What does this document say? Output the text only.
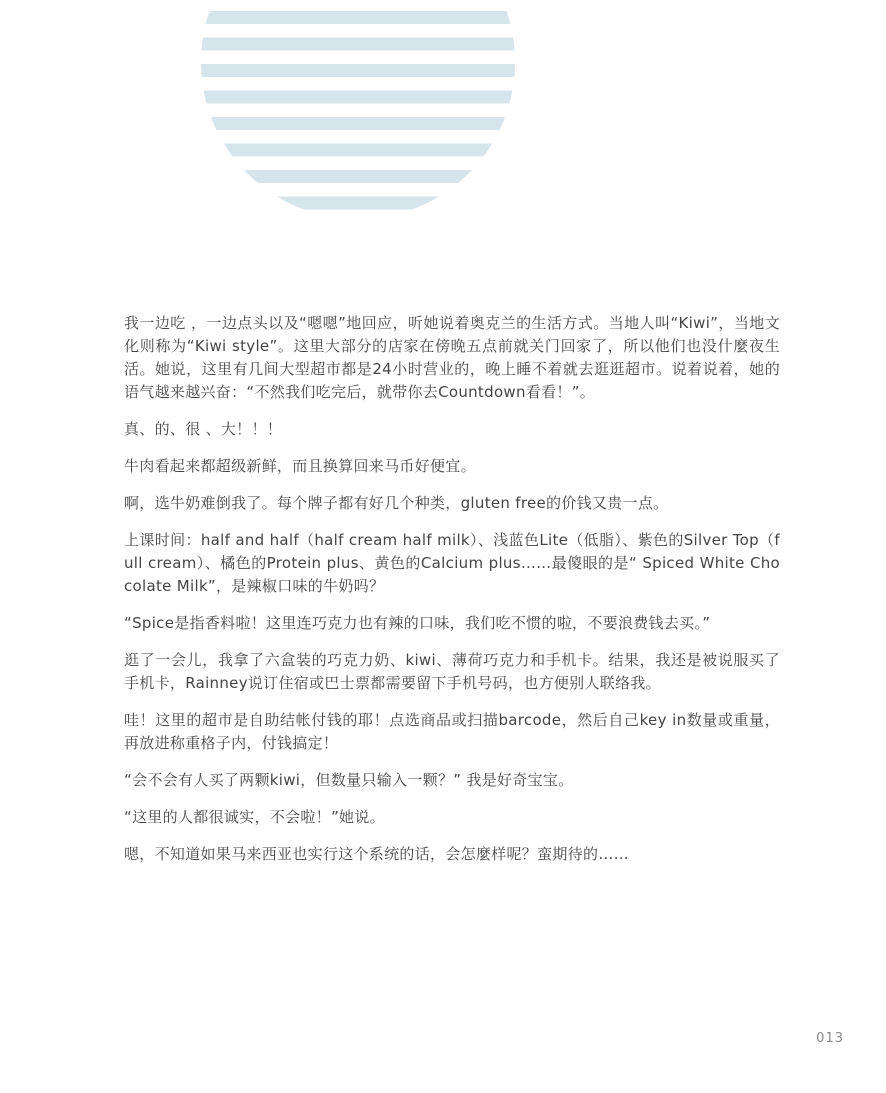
我一边吃 ，一边点头以及“嗯嗯”地回应，听她说着奥克兰的生活方式。当地人叫“Kiwi”，当地文化则称为“Kiwi style”。这里大部分的店家在傍晚五点前就关门回家了，所以他们也没什麼夜生活。她说，这里有几间大型超市都是24小时营业的，晚上睡不着就去逛逛超市。说着说着，她的语气越来越兴奋：“不然我们吃完后，就带你去Countdown看看！”。

真、的、很 、大！！！

牛肉看起来都超级新鲜，而且换算回来马币好便宜。

啊，选牛奶难倒我了。每个牌子都有好几个种类，gluten free的价钱又贵一点。

上课时间：half and half（half cream half milk）、浅蓝色Lite（低脂）、紫色的Silver Top（full cream）、橘色的Protein plus、黄色的Calcium plus……最傻眼的是“ Spiced White Chocolate Milk”，是辣椒口味的牛奶吗？

“Spice是指香料啦！这里连巧克力也有辣的口味，我们吃不惯的啦，不要浪费钱去买。”

逛了一会儿，我拿了六盒装的巧克力奶、kiwi、薄荷巧克力和手机卡。结果，我还是被说服买了手机卡，Rainney说订住宿或巴士票都需要留下手机号码，也方便别人联络我。

哇！这里的超市是自助结帐付钱的耶！点选商品或扫描barcode，然后自己key in数量或重量，再放进称重格子内，付钱搞定！

“会不会有人买了两颗kiwi，但数量只输入一颗？” 我是好奇宝宝。

“这里的人都很诚实，不会啦！”她说。

嗯，不知道如果马来西亚也实行这个系统的话，会怎麼样呢？蛮期待的……

013
